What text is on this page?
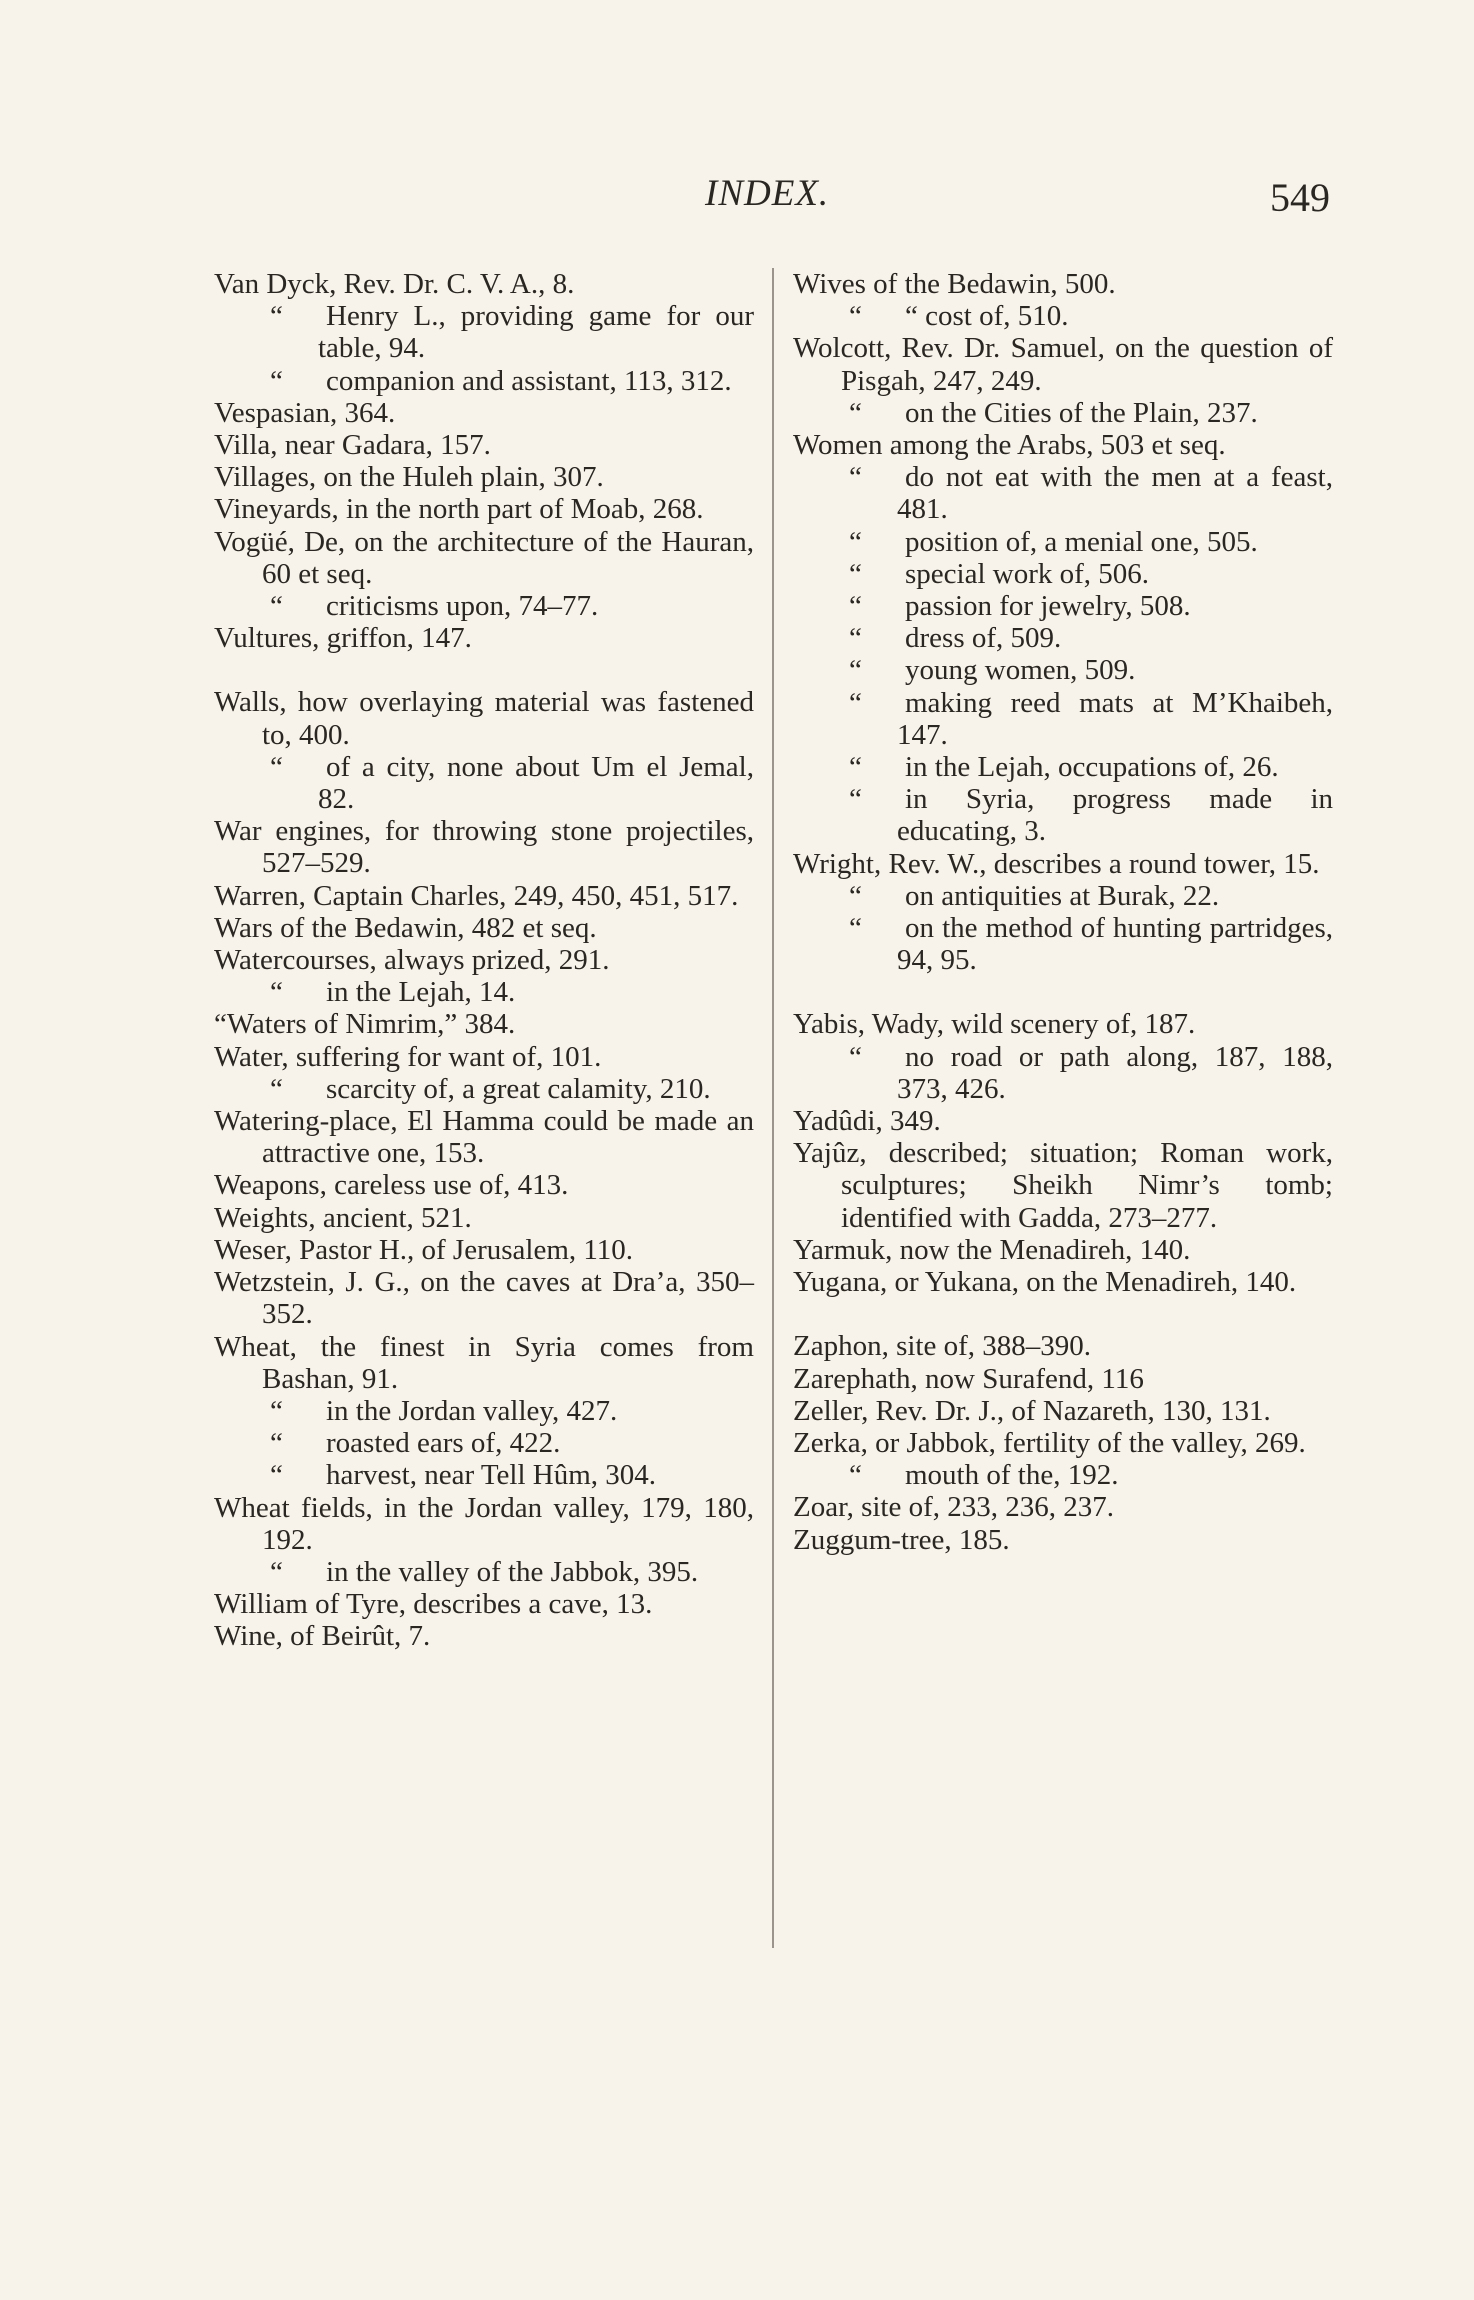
INDEX.	549

Van Dyck, Rev. Dr. C. V. A., 8.

“ Henry L., providing game for our table, 94.

“ companion and assistant, 113, 312.

Vespasian, 364.

Villa, near Gadara, 157.

Villages, on the Huleh plain, 307.

Vineyards, in the north part of Moab, 268.

Vogüé, De, on the architecture of the Hauran, 60 et seq.

“ criticisms upon, 74–77.

Vultures, griffon, 147.

Walls, how overlaying material was fastened to, 400.

“ of a city, none about Um el Jemal, 82.

War engines, for throwing stone projectiles, 527–529.

Warren, Captain Charles, 249, 450, 451, 517.

Wars of the Bedawin, 482 et seq.

Watercourses, always prized, 291.

“ in the Lejah, 14.

“Waters of Nimrim,” 384.

Water, suffering for want of, 101.

“ scarcity of, a great calamity, 210.

Watering-place, El Hamma could be made an attractive one, 153.

Weapons, careless use of, 413.

Weights, ancient, 521.

Weser, Pastor H., of Jerusalem, 110.

Wetzstein, J. G., on the caves at Dra’a, 350–352.

Wheat, the finest in Syria comes from Bashan, 91.

“ in the Jordan valley, 427.

“ roasted ears of, 422.

“ harvest, near Tell Hûm, 304.

Wheat fields, in the Jordan valley, 179, 180, 192.

“ in the valley of the Jabbok, 395.

William of Tyre, describes a cave, 13.

Wine, of Beirût, 7.

Wives of the Bedawin, 500.

“ “ cost of, 510.

Wolcott, Rev. Dr. Samuel, on the question of Pisgah, 247, 249.

“ on the Cities of the Plain, 237.

Women among the Arabs, 503 et seq.

“ do not eat with the men at a feast, 481.

“ position of, a menial one, 505.

“ special work of, 506.

“ passion for jewelry, 508.

“ dress of, 509.

“ young women, 509.

“ making reed mats at M’Khaibeh, 147.

“ in the Lejah, occupations of, 26.

“ in Syria, progress made in educating, 3.

Wright, Rev. W., describes a round tower, 15.

“ on antiquities at Burak, 22.

“ on the method of hunting partridges, 94, 95.

Yabis, Wady, wild scenery of, 187.

“ no road or path along, 187, 188, 373, 426.

Yadûdi, 349.

Yajûz, described; situation; Roman work, sculptures; Sheikh Nimr’s tomb; identified with Gadda, 273–277.

Yarmuk, now the Menadireh, 140.

Yugana, or Yukana, on the Menadireh, 140.

Zaphon, site of, 388–390.

Zarephath, now Surafend, 116

Zeller, Rev. Dr. J., of Nazareth, 130, 131.

Zerka, or Jabbok, fertility of the valley, 269.

“ mouth of the, 192.

Zoar, site of, 233, 236, 237.

Zuggum-tree, 185.
